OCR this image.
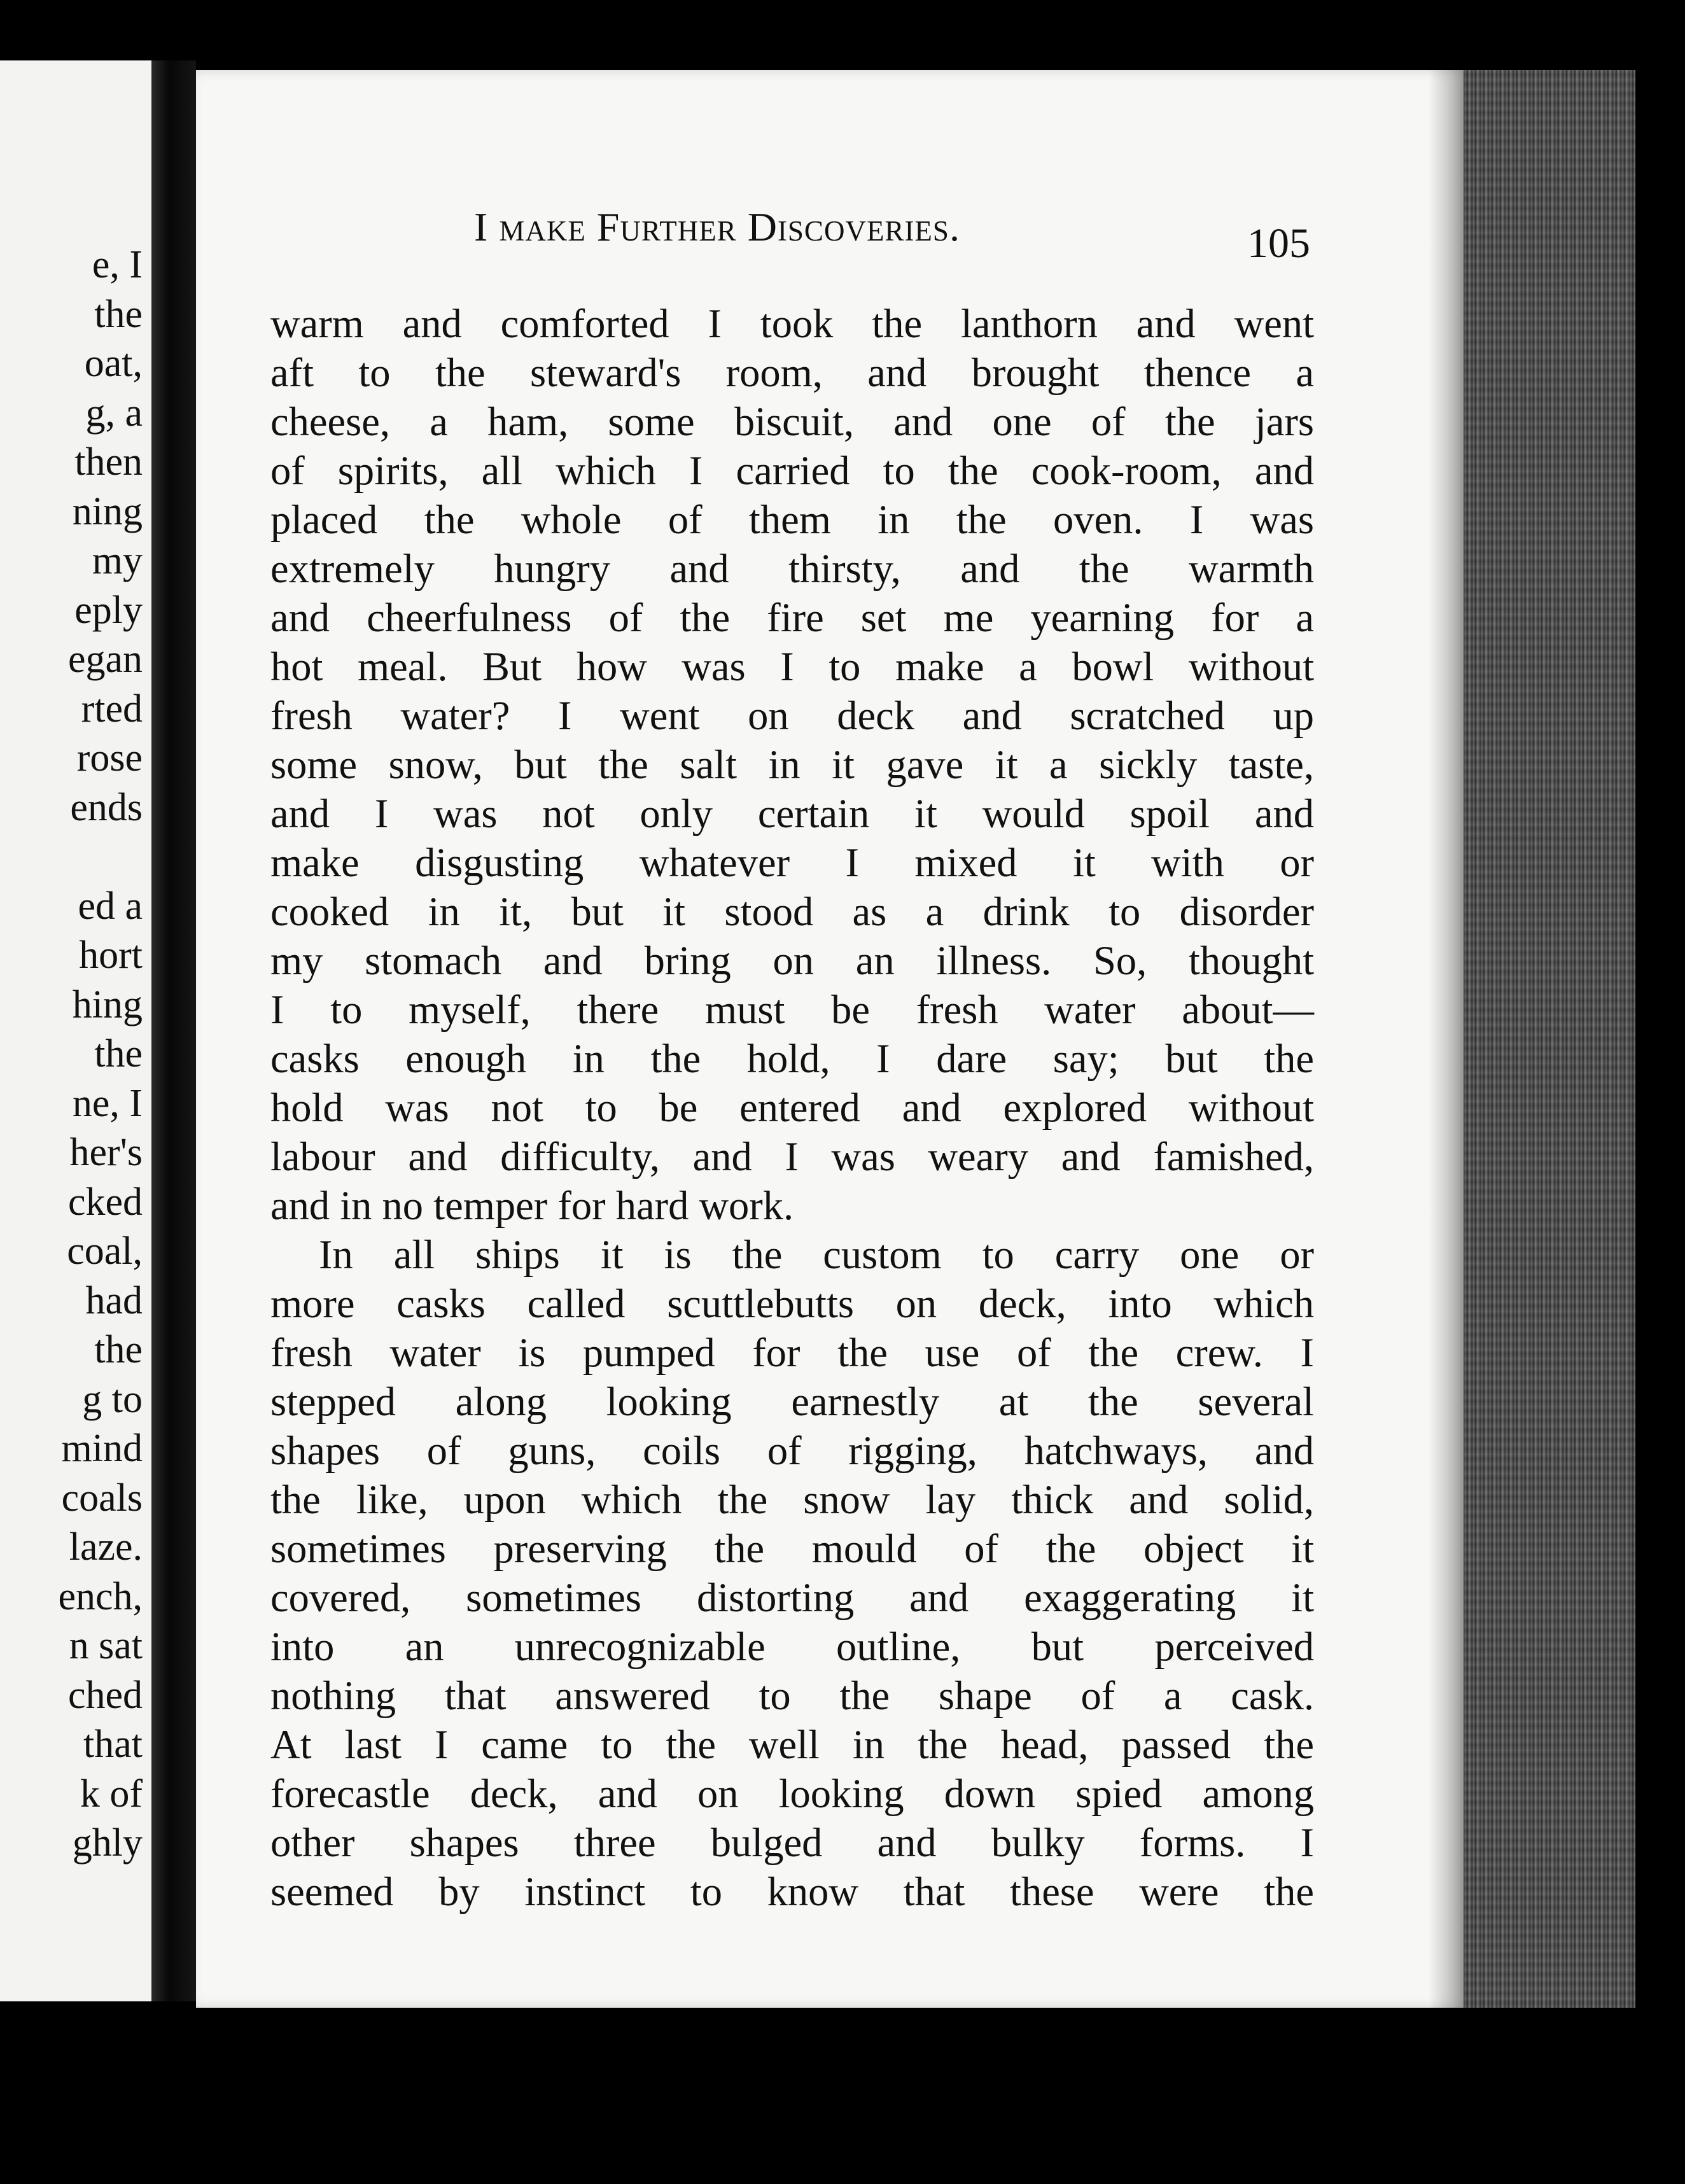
e, I
the
oat,
g, a
then
ning
my
eply
egan
rted
rose
ends
ed a
hort
hing
the
ne, I
her's
cked
coal,
had
the
g to
mind
coals
laze.
ench,
n sat
ched
that
k of
ghly
I make Further Discoveries.	105
warm and comforted I took the lanthorn and went
aft to the steward's room, and brought thence a
cheese, a ham, some biscuit, and one of the jars
of spirits, all which I carried to the cook-room, and
placed the whole of them in the oven. I was
extremely hungry and thirsty, and the warmth
and cheerfulness of the fire set me yearning for a
hot meal. But how was I to make a bowl without
fresh water? I went on deck and scratched up
some snow, but the salt in it gave it a sickly taste,
and I was not only certain it would spoil and
make disgusting whatever I mixed it with or
cooked in it, but it stood as a drink to disorder
my stomach and bring on an illness. So, thought
I to myself, there must be fresh water about—
casks enough in the hold, I dare say; but the
hold was not to be entered and explored without
labour and difficulty, and I was weary and famished,
and in no temper for hard work.
In all ships it is the custom to carry one or
more casks called scuttlebutts on deck, into which
fresh water is pumped for the use of the crew. I
stepped along looking earnestly at the several
shapes of guns, coils of rigging, hatchways, and
the like, upon which the snow lay thick and solid,
sometimes preserving the mould of the object it
covered, sometimes distorting and exaggerating it
into an unrecognizable outline, but perceived
nothing that answered to the shape of a cask.
At last I came to the well in the head, passed the
forecastle deck, and on looking down spied among
other shapes three bulged and bulky forms. I
seemed by instinct to know that these were the
